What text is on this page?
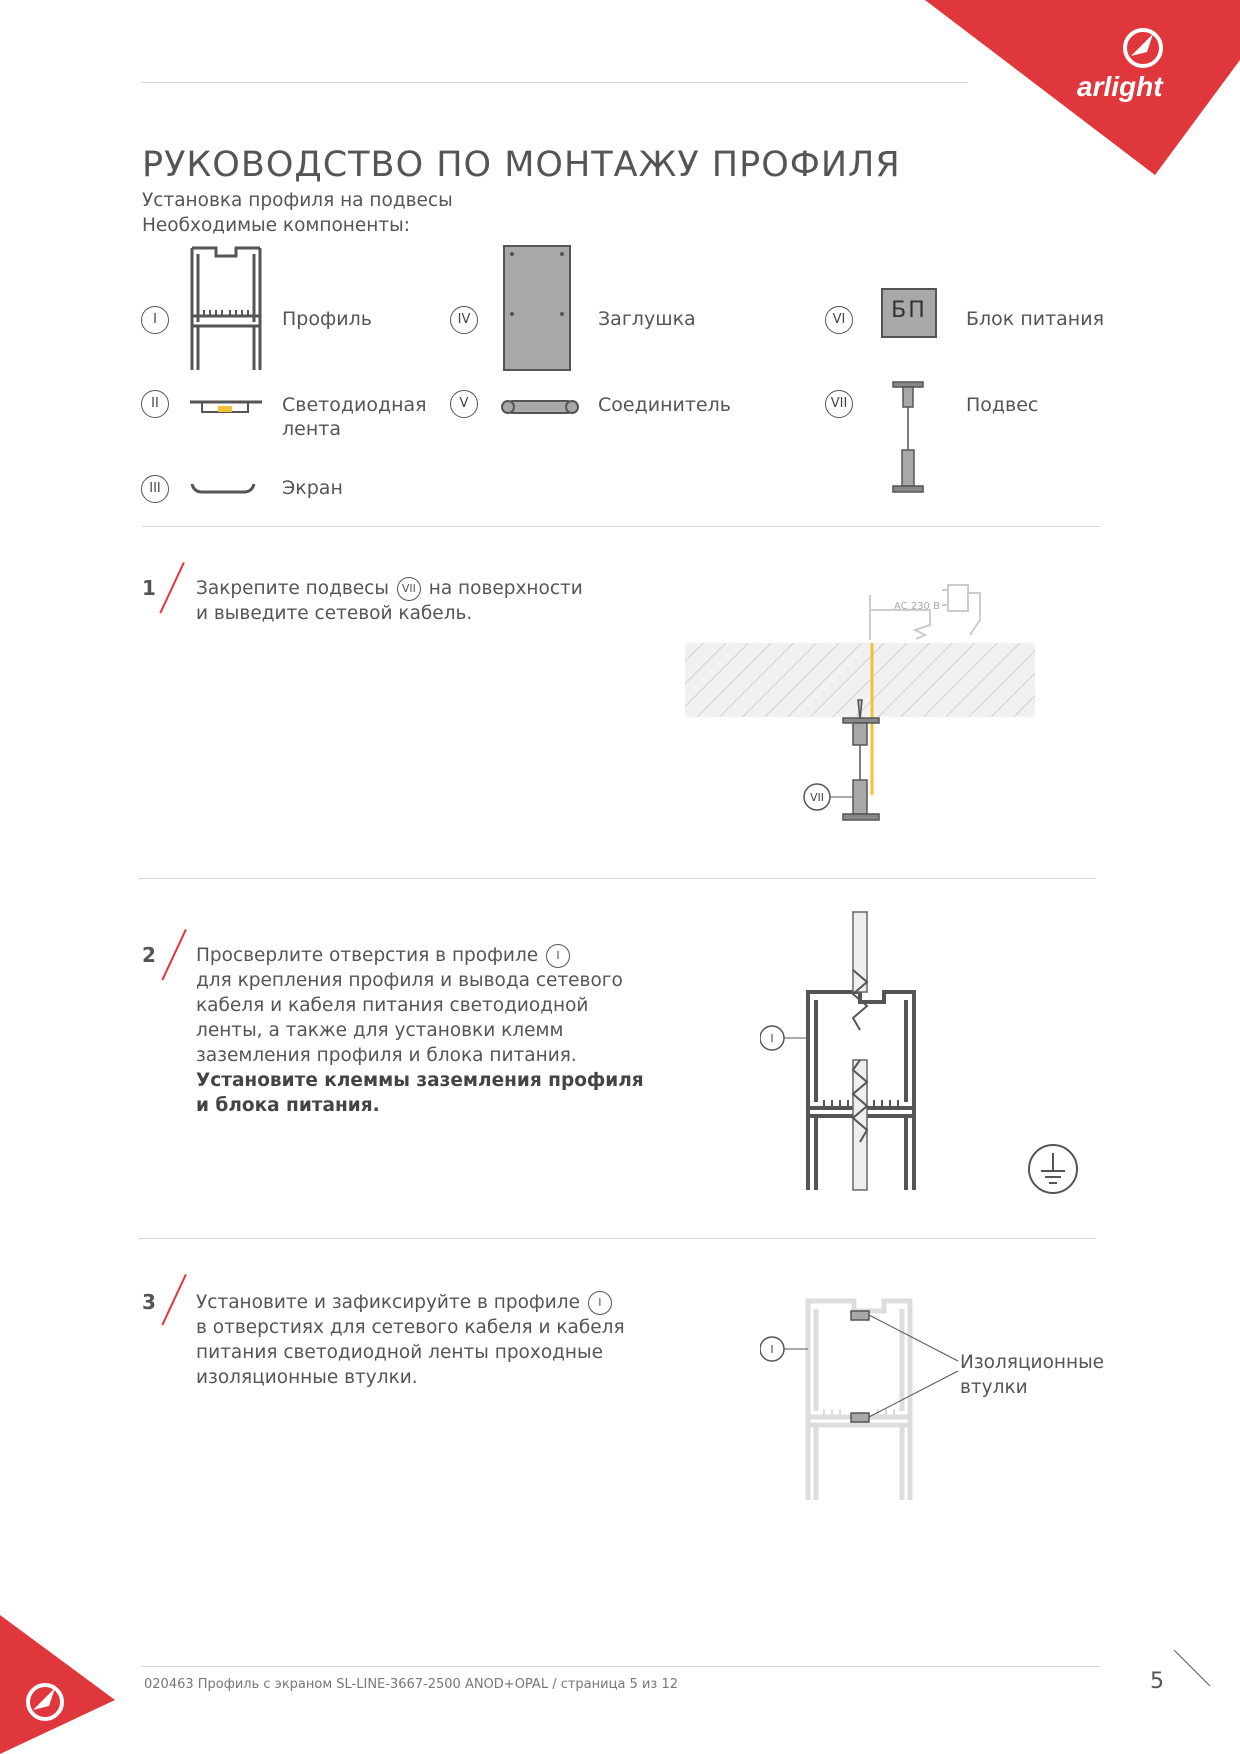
arlight
РУКОВОДСТВО ПО МОНТАЖУ ПРОФИЛЯ
Установка профиля на подвесы
Необходимые компоненты:
I	Профиль
II	Светодиодная лента
III	Экран
IV	Заглушка
V	Соединитель
VI	БП	Блок питания
VII	Подвес
1 Закрепите подвесы VII на поверхности
и выведите сетевой кабель.	AC 230 В
VII
2 Просверлите отверстия в профиле I
для крепления профиля и вывода сетевого
кабеля и кабеля питания светодиодной
ленты, а также для установки клемм
заземления профиля и блока питания.
Установите клеммы заземления профиля
и блока питания.
I
3 Установите и зафиксируйте в профиле I
в отверстиях для сетевого кабеля и кабеля
питания светодиодной ленты проходные
изоляционные втулки.
I
Изоляционные
втулки
020463 Профиль с экраном SL-LINE-3667-2500 ANOD+OPAL / страница 5 из 12	5
